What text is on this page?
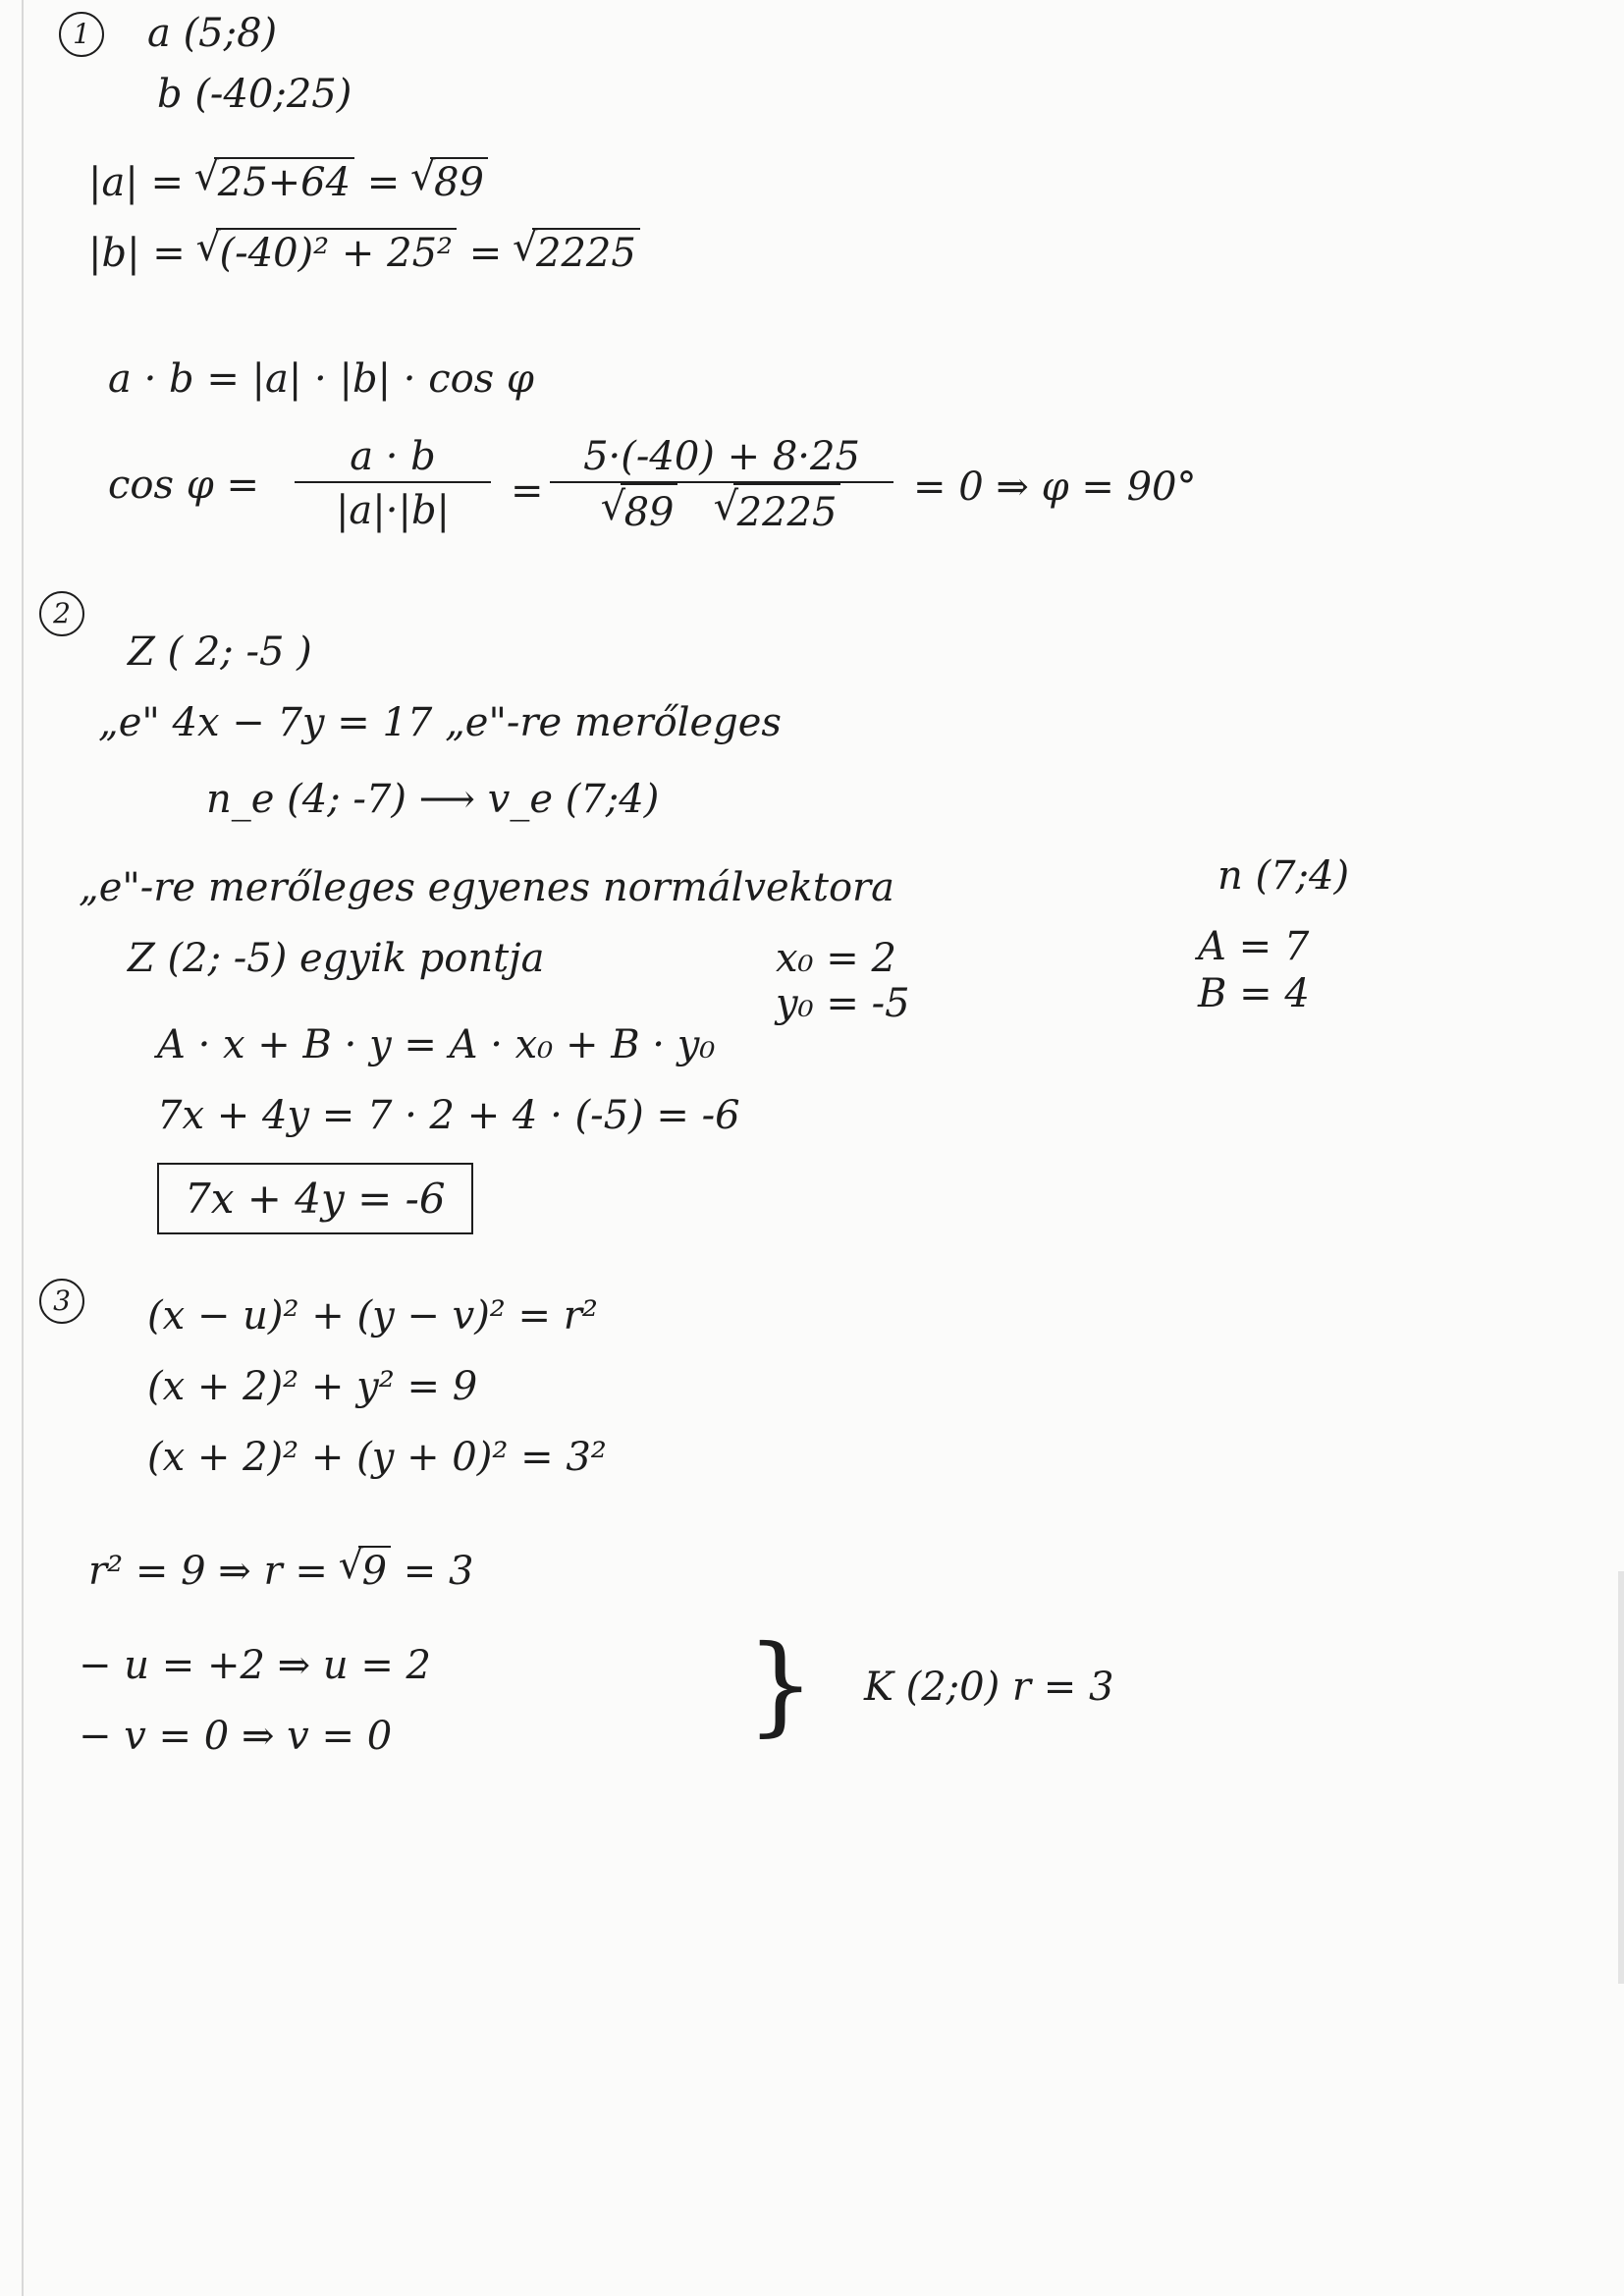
1	a (5;8)
b (-40;25)
|a| = √ 25+64 = √ 89
|b| = √ (-40)² + 25² = √ 2225
a · b = |a| · |b| · cos φ
$\cos \varphi = \frac{a \cdot b}{|a|\cdot|b|} = 5\cdot(-40) + 8\cdot 25$
√ 89   √ 2225 = 0 ⇒ φ = 90°
2
Z ( 2; -5 )
„e" 4x − 7y = 17 „e"-re merőleges
n_e (4; -7) ⟶ v_e (7;4)
„e"-re merőleges egyenes normálvektora	n (7;4)
Z (2; -5) egyik pontja	x₀ = 2
y₀ = -5
A = 7
B = 4
A · x + B · y = A · x₀ + B · y₀
7x + 4y = 7 · 2 + 4 · (-5) = -6
7x + 4y = -6
3	(x − u)² + (y − v)² = r²
(x + 2)² + y² = 9
(x + 2)² + (y + 0)² = 3²
r² = 9 ⇒ r = √ 9 = 3
− u = +2 ⇒ u = 2
− v = 0 ⇒ v = 0	} K (2;0) r = 3
